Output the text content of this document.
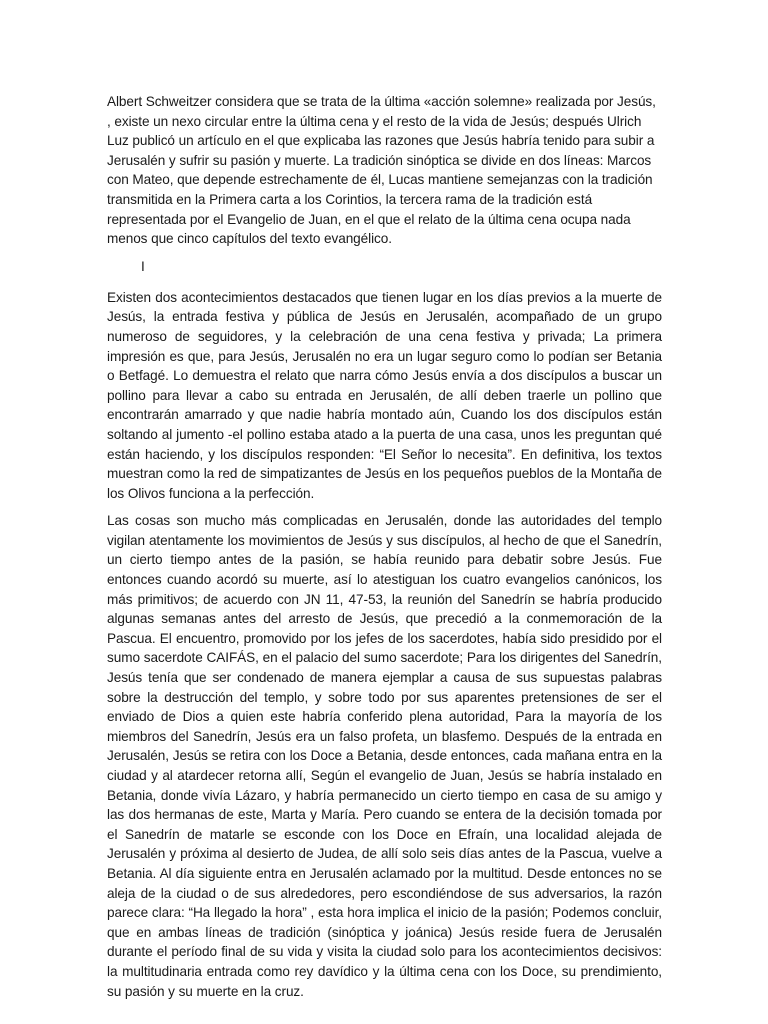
Albert Schweitzer considera que se trata de la última «acción solemne» realizada por Jesús, , existe un nexo circular entre la última cena y el resto de la vida de Jesús; después Ulrich Luz publicó un artículo en el que explicaba las razones que Jesús habría tenido para subir a Jerusalén y sufrir su pasión y muerte. La tradición sinóptica se divide en dos líneas: Marcos con Mateo, que depende estrechamente de él, Lucas mantiene semejanzas con la tradición transmitida en la Primera carta a los Corintios, la tercera rama de la tradición está representada por el Evangelio de Juan, en el que el relato de la última cena ocupa nada menos que cinco capítulos del texto evangélico.

I

Existen dos acontecimientos destacados que tienen lugar en los días previos a la muerte de Jesús, la entrada festiva y pública de Jesús en Jerusalén, acompañado de un grupo numeroso de seguidores, y la celebración de una cena festiva y privada; La primera impresión es que, para Jesús, Jerusalén no era un lugar seguro como lo podían ser Betania o Betfagé. Lo demuestra el relato que narra cómo Jesús envía a dos discípulos a buscar un pollino para llevar a cabo su entrada en Jerusalén, de allí deben traerle un pollino que encontrarán amarrado y que nadie habría montado aún, Cuando los dos discípulos están soltando al jumento -el pollino estaba atado a la puerta de una casa, unos les preguntan qué están haciendo, y los discípulos responden: “El Señor lo necesita”. En definitiva, los textos muestran como la red de simpatizantes de Jesús en los pequeños pueblos de la Montaña de los Olivos funciona a la perfección.

Las cosas son mucho más complicadas en Jerusalén, donde las autoridades del templo vigilan atentamente los movimientos de Jesús y sus discípulos, al hecho de que el Sanedrín, un cierto tiempo antes de la pasión, se había reunido para debatir sobre Jesús. Fue entonces cuando acordó su muerte, así lo atestiguan los cuatro evangelios canónicos, los más primitivos; de acuerdo con JN 11, 47-53, la reunión del Sanedrín se habría producido algunas semanas antes del arresto de Jesús, que precedió a la conmemoración de la Pascua. El encuentro, promovido por los jefes de los sacerdotes, había sido presidido por el sumo sacerdote CAIFÁS, en el palacio del sumo sacerdote; Para los dirigentes del Sanedrín, Jesús tenía que ser condenado de manera ejemplar a causa de sus supuestas palabras sobre la destrucción del templo, y sobre todo por sus aparentes pretensiones de ser el enviado de Dios a quien este habría conferido plena autoridad, Para la mayoría de los miembros del Sanedrín, Jesús era un falso profeta, un blasfemo. Después de la entrada en Jerusalén, Jesús se retira con los Doce a Betania, desde entonces, cada mañana entra en la ciudad y al atardecer retorna allí, Según el evangelio de Juan, Jesús se habría instalado en Betania, donde vivía Lázaro, y habría permanecido un cierto tiempo en casa de su amigo y las dos hermanas de este, Marta y María. Pero cuando se entera de la decisión tomada por el Sanedrín de matarle se esconde con los Doce en Efraín, una localidad alejada de Jerusalén y próxima al desierto de Judea, de allí solo seis días antes de la Pascua, vuelve a Betania. Al día siguiente entra en Jerusalén aclamado por la multitud. Desde entonces no se aleja de la ciudad o de sus alrededores, pero escondiéndose de sus adversarios, la razón parece clara: “Ha llegado la hora” , esta hora implica el inicio de la pasión; Podemos concluir, que en ambas líneas de tradición (sinóptica y joánica) Jesús reside fuera de Jerusalén durante el período final de su vida y visita la ciudad solo para los acontecimientos decisivos: la multitudinaria entrada como rey davídico y la última cena con los Doce, su prendimiento, su pasión y su muerte en la cruz.
